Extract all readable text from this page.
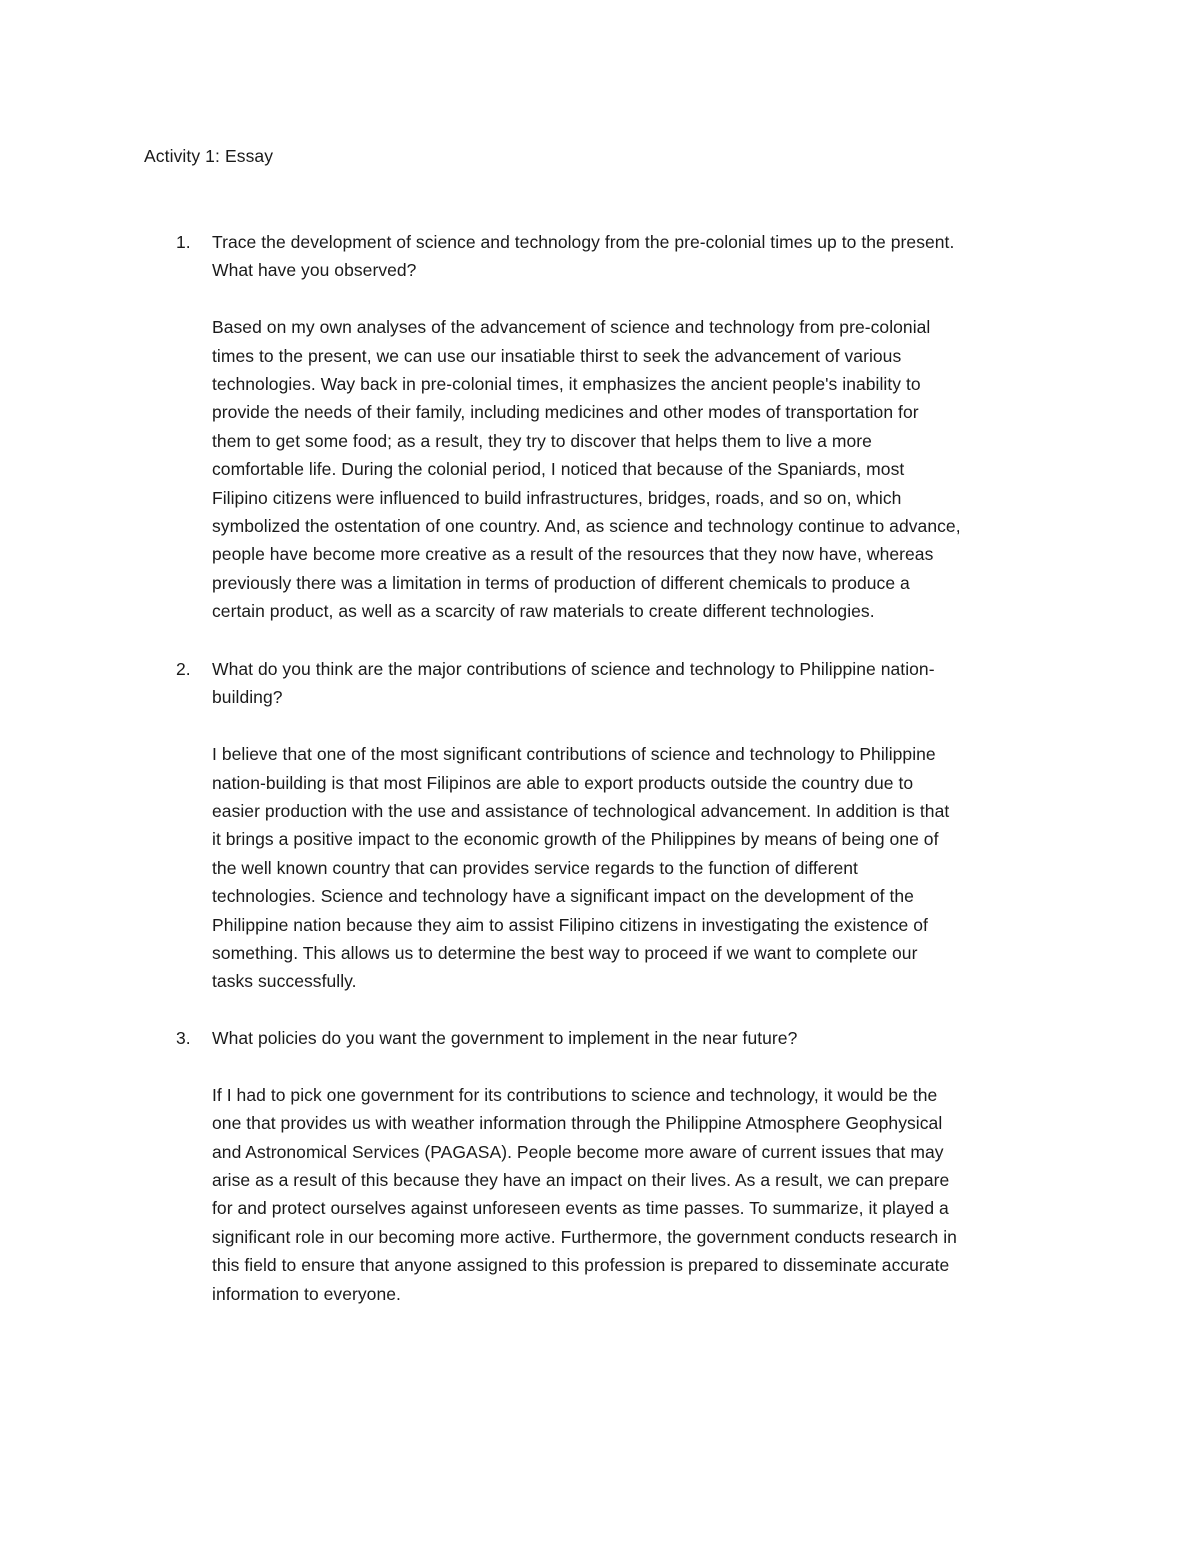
Activity 1: Essay
1. Trace the development of science and technology from the pre-colonial times up to the present.
What have you observed?
Based on my own analyses of the advancement of science and technology from pre-colonial
times to the present, we can use our insatiable thirst to seek the advancement of various
technologies. Way back in pre-colonial times, it emphasizes the ancient people's inability to
provide the needs of their family, including medicines and other modes of transportation for
them to get some food; as a result, they try to discover that helps them to live a more
comfortable life. During the colonial period, I noticed that because of the Spaniards, most
Filipino citizens were influenced to build infrastructures, bridges, roads, and so on, which
symbolized the ostentation of one country. And, as science and technology continue to advance,
people have become more creative as a result of the resources that they now have, whereas
previously there was a limitation in terms of production of different chemicals to produce a
certain product, as well as a scarcity of raw materials to create different technologies.
2. What do you think are the major contributions of science and technology to Philippine nation-
building?
I believe that one of the most significant contributions of science and technology to Philippine
nation-building is that most Filipinos are able to export products outside the country due to
easier production with the use and assistance of technological advancement. In addition is that
it brings a positive impact to the economic growth of the Philippines by means of being one of
the well known country that can provides service regards to the function of different
technologies. Science and technology have a significant impact on the development of the
Philippine nation because they aim to assist Filipino citizens in investigating the existence of
something. This allows us to determine the best way to proceed if we want to complete our
tasks successfully.
3. What policies do you want the government to implement in the near future?
If I had to pick one government for its contributions to science and technology, it would be the
one that provides us with weather information through the Philippine Atmosphere Geophysical
and Astronomical Services (PAGASA). People become more aware of current issues that may
arise as a result of this because they have an impact on their lives. As a result, we can prepare
for and protect ourselves against unforeseen events as time passes. To summarize, it played a
significant role in our becoming more active. Furthermore, the government conducts research in
this field to ensure that anyone assigned to this profession is prepared to disseminate accurate
information to everyone.
